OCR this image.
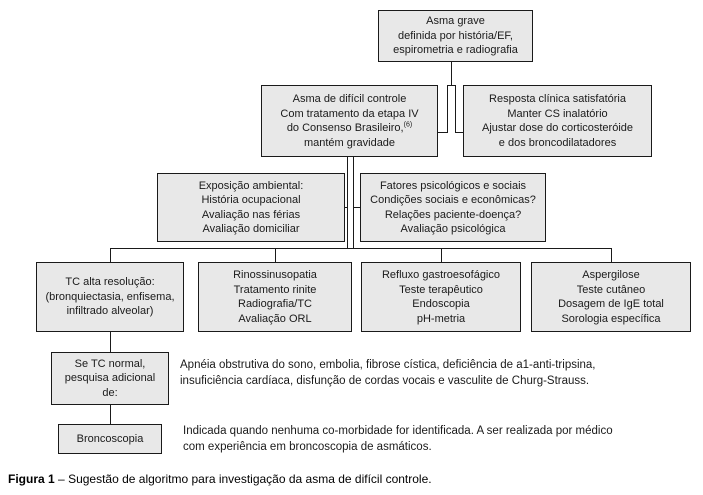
Asma grave
definida por história/EF,
espirometria e radiografia
Asma de difícil controle
Com tratamento da etapa IV
do Consenso Brasileiro,$^{(6)}$
mantém gravidade
Resposta clínica satisfatória
Manter CS inalatório
Ajustar dose do corticosteróide
e dos broncodilatadores
Exposição ambiental:
História ocupacional
Avaliação nas férias
Avaliação domiciliar
Fatores psicológicos e sociais
Condições sociais e econômicas?
Relações paciente-doença?
Avaliação psicológica
TC alta resolução:
(bronquiectasia, enfisema,
infiltrado alveolar)
Rinossinusopatia
Tratamento rinite
Radiografia/TC
Avaliação ORL
Refluxo gastroesofágico
Teste terapêutico
Endoscopia
pH-metria
Aspergilose
Teste cutâneo
Dosagem de IgE total
Sorologia específica
Se TC normal,
pesquisa adicional
de:
Broncoscopia
Apnéia obstrutiva do sono, embolia, fibrose cística, deficiência de a1-anti-tripsina,
insuficiência cardíaca, disfunção de cordas vocais e vasculite de Churg-Strauss.
Indicada quando nenhuma co-morbidade for identificada. A ser realizada por médico
com experiência em broncoscopia de asmáticos.
Figura 1 – Sugestão de algoritmo para investigação da asma de difícil controle.
